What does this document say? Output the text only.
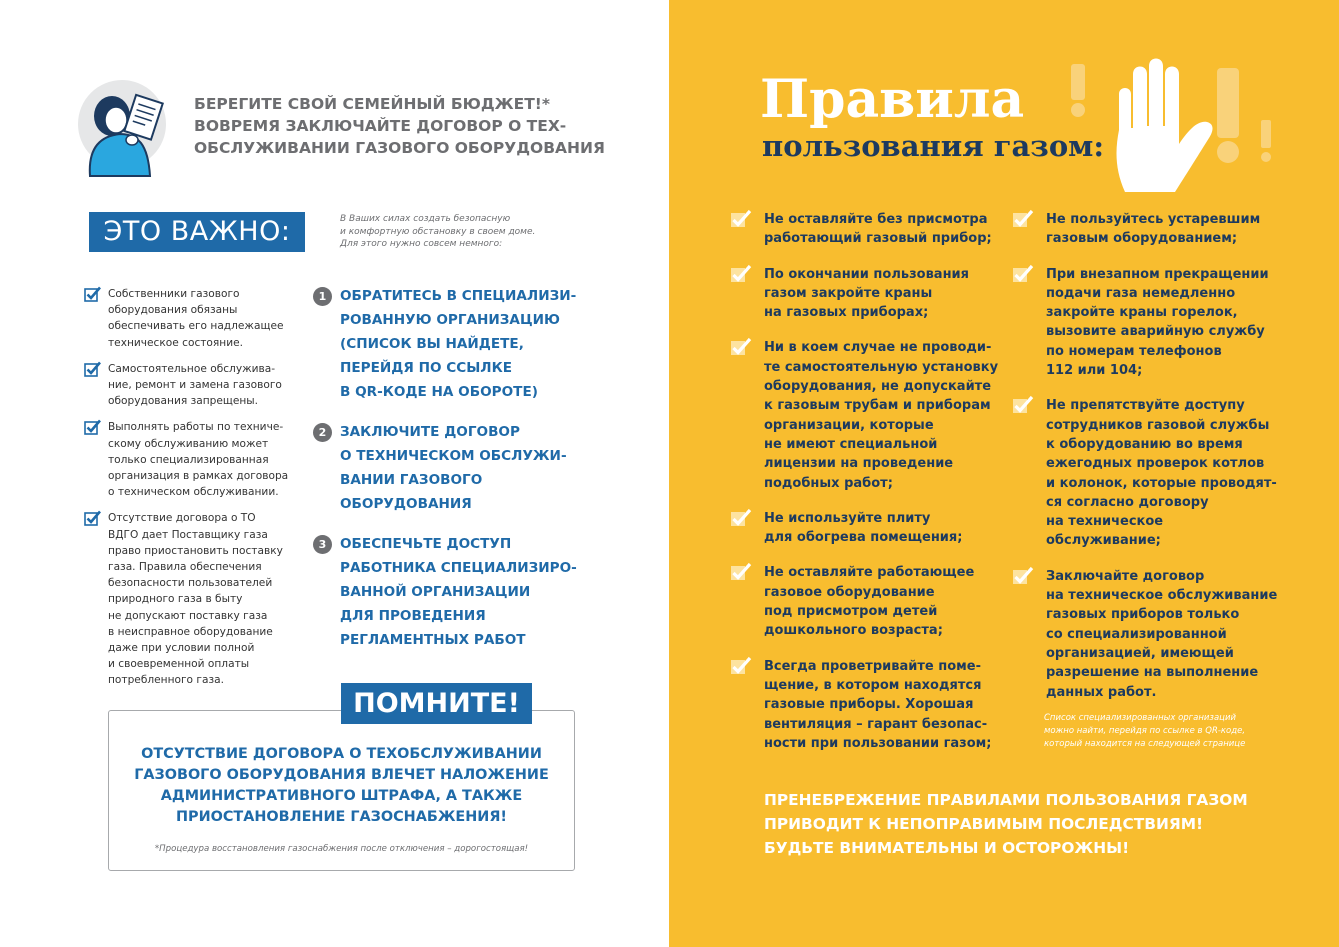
БЕРЕГИТЕ СВОЙ СЕМЕЙНЫЙ БЮДЖЕТ!*
ВОВРЕМЯ ЗАКЛЮЧАЙТЕ ДОГОВОР О ТЕХ-
ОБСЛУЖИВАНИИ ГАЗОВОГО ОБОРУДОВАНИЯ

ЭТО ВАЖНО:	В Ваших силах создать безопасную
и комфортную обстановку в своем доме.
Для этого нужно совсем немного:
Собственники газового
оборудования обязаны
обеспечивать его надлежащее
техническое состояние.
Самостоятельное обслужива-
ние, ремонт и замена газового
оборудования запрещены.
Выполнять работы по техниче-
скому обслуживанию может
только специализированная
организация в рамках договора
о техническом обслуживании.
Отсутствие договора о ТО
ВДГО дает Поставщику газа
право приостановить поставку
газа. Правила обеспечения
безопасности пользователей
природного газа в быту
не допускают поставку газа
в неисправное оборудование
даже при условии полной
и своевременной оплаты
потребленного газа.
1	ОБРАТИТЕСЬ В СПЕЦИАЛИЗИ-
РОВАННУЮ ОРГАНИЗАЦИЮ
(СПИСОК ВЫ НАЙДЕТЕ,
ПЕРЕЙДЯ ПО ССЫЛКЕ
В QR-КОДЕ НА ОБОРОТЕ)
2	ЗАКЛЮЧИТЕ ДОГОВОР
О ТЕХНИЧЕСКОМ ОБСЛУЖИ-
ВАНИИ ГАЗОВОГО
ОБОРУДОВАНИЯ
3	ОБЕСПЕЧЬТЕ ДОСТУП
РАБОТНИКА СПЕЦИАЛИЗИРО-
ВАННОЙ ОРГАНИЗАЦИИ
ДЛЯ ПРОВЕДЕНИЯ
РЕГЛАМЕНТНЫХ РАБОТ
ПОМНИТЕ!

ОТСУТСТВИЕ ДОГОВОРА О ТЕХОБСЛУЖИВАНИИ
ГАЗОВОГО ОБОРУДОВАНИЯ ВЛЕЧЕТ НАЛОЖЕНИЕ
АДМИНИСТРАТИВНОГО ШТРАФА, А ТАКЖЕ
ПРИОСТАНОВЛЕНИЕ ГАЗОСНАБЖЕНИЯ!

*Процедура восстановления газоснабжения после отключения – дорогостоящая!

Правила
пользования газом:
Не оставляйте без присмотра
работающий газовый прибор;
По окончании пользования
газом закройте краны
на газовых приборах;
Ни в коем случае не проводи-
те самостоятельную установку
оборудования, не допускайте
к газовым трубам и приборам
организации, которые
не имеют специальной
лицензии на проведение
подобных работ;
Не используйте плиту
для обогрева помещения;
Не оставляйте работающее
газовое оборудование
под присмотром детей
дошкольного возраста;
Всегда проветривайте поме-
щение, в котором находятся
газовые приборы. Хорошая
вентиляция – гарант безопас-
ности при пользовании газом;
Не пользуйтесь устаревшим
газовым оборудованием;
При внезапном прекращении
подачи газа немедленно
закройте краны горелок,
вызовите аварийную службу
по номерам телефонов
112 или 104;
Не препятствуйте доступу
сотрудников газовой службы
к оборудованию во время
ежегодных проверок котлов
и колонок, которые проводят-
ся согласно договору
на техническое
обслуживание;
Заключайте договор
на техническое обслуживание
газовых приборов только
со специализированной
организацией, имеющей
разрешение на выполнение
данных работ.

Список специализированных организаций
можно найти, перейдя по ссылке в QR-коде,
который находится на следующей странице

ПРЕНЕБРЕЖЕНИЕ ПРАВИЛАМИ ПОЛЬЗОВАНИЯ ГАЗОМ
ПРИВОДИТ К НЕПОПРАВИМЫМ ПОСЛЕДСТВИЯМ!
БУДЬТЕ ВНИМАТЕЛЬНЫ И ОСТОРОЖНЫ!
